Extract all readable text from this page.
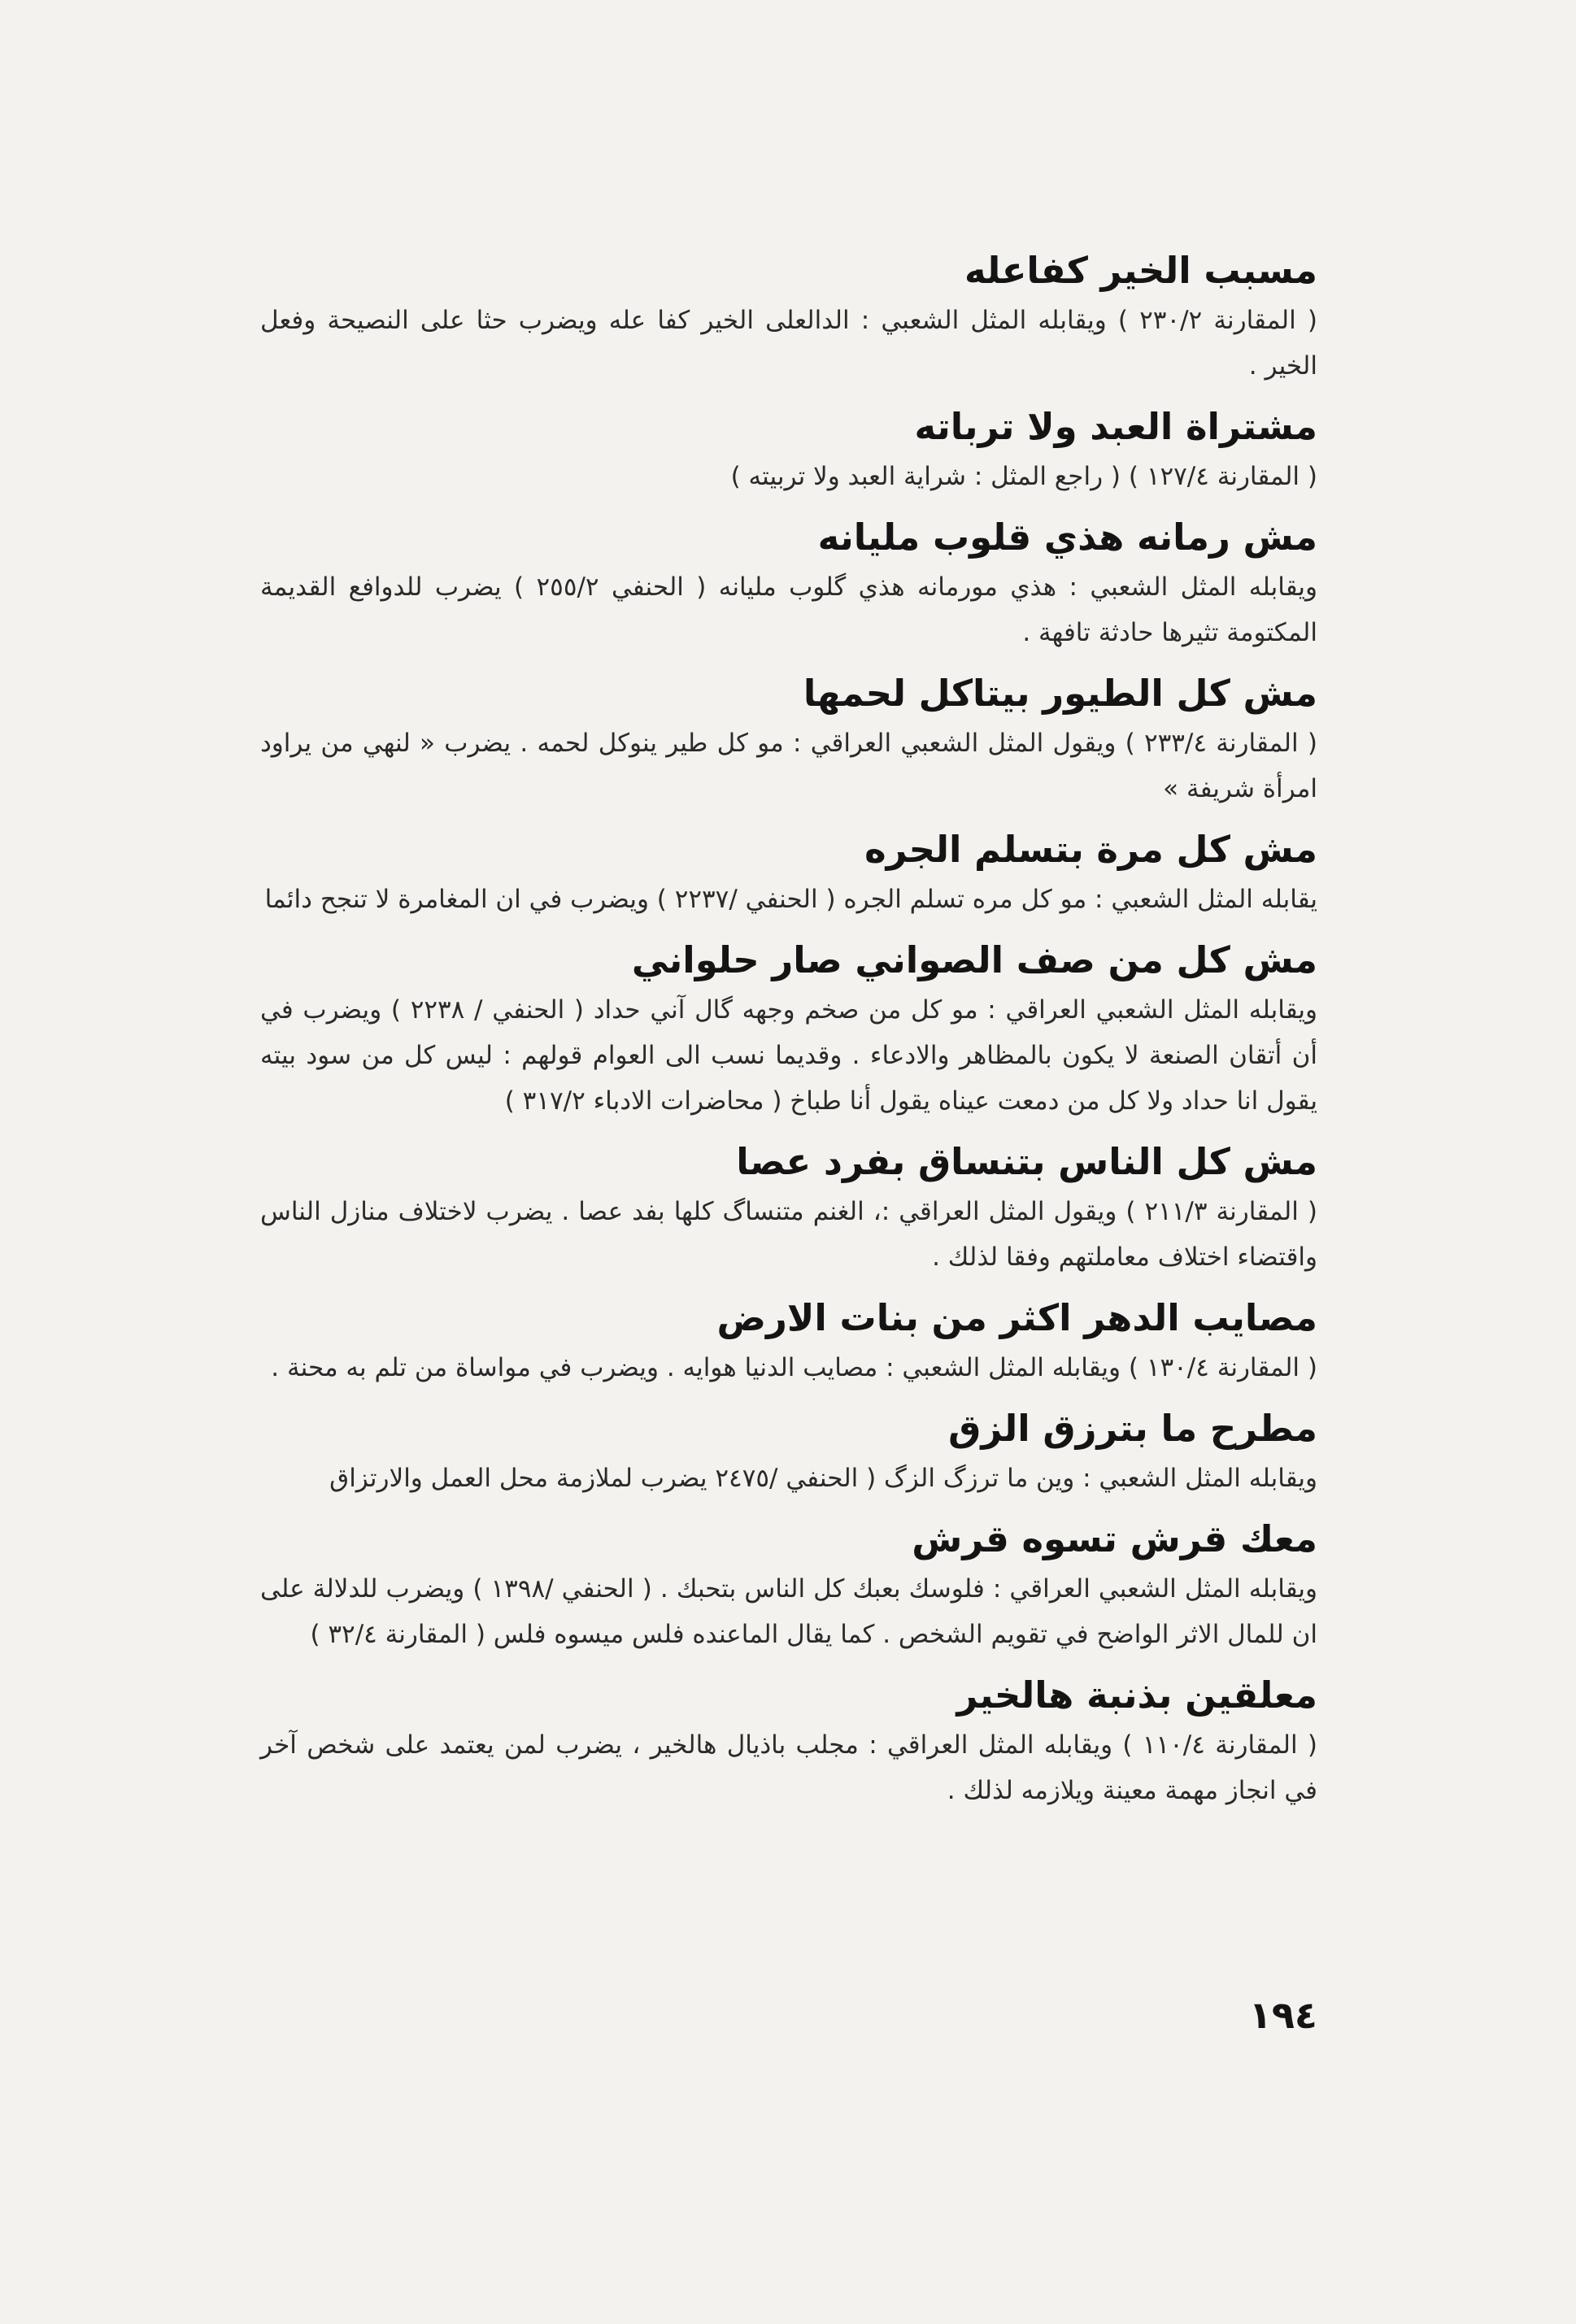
مسبب الخير كفاعله

( المقارنة ٢٣٠/٢ ) ويقابله المثل الشعبي : الدالعلى الخير كفا عله ويضرب حثا على النصيحة وفعل الخير .

مشتراة العبد ولا ترباته

( المقارنة ١٢٧/٤ ) ( راجع المثل : شراية العبد ولا تربيته )

مش رمانه هذي قلوب مليانه

ويقابله المثل الشعبي : هذي مورمانه هذي گلوب مليانه ( الحنفي ٢٥٥/٢ ) يضرب للدوافع القديمة المكتومة تثيرها حادثة تافهة .

مش كل الطيور بيتاكل لحمها

( المقارنة ٢٣٣/٤ ) ويقول المثل الشعبي العراقي : مو كل طير ينوكل لحمه . يضرب « لنهي من يراود امرأة شريفة »

مش كل مرة بتسلم الجره

يقابله المثل الشعبي : مو كل مره تسلم الجره ( الحنفي /٢٢٣٧ ) ويضرب في ان المغامرة لا تنجح دائما

مش كل من صف الصواني صار حلواني

ويقابله المثل الشعبي العراقي : مو كل من صخم وجهه گال آني حداد ( الحنفي / ٢٢٣٨ ) ويضرب في أن أتقان الصنعة لا يكون بالمظاهر والادعاء . وقديما نسب الى العوام قولهم : ليس كل من سود بيته يقول انا حداد ولا كل من دمعت عيناه يقول أنا طباخ ( محاضرات الادباء ٣١٧/٢ )

مش كل الناس بتنساق بفرد عصا

( المقارنة ٢١١/٣ ) ويقول المثل العراقي :، الغنم متنساگ كلها بفد عصا . يضرب لاختلاف منازل الناس واقتضاء اختلاف معاملتهم وفقا لذلك .

مصايب الدهر اكثر من بنات الارض

( المقارنة ١٣٠/٤ ) ويقابله المثل الشعبي : مصايب الدنيا هوايه . ويضرب في مواساة من تلم به محنة .

مطرح ما بترزق الزق

ويقابله المثل الشعبي : وين ما ترزگ الزگ ( الحنفي /٢٤٧٥ يضرب لملازمة محل العمل والارتزاق

معك قرش تسوه قرش

ويقابله المثل الشعبي العراقي : فلوسك بعبك كل الناس بتحبك . ( الحنفي /١٣٩٨ ) ويضرب للدلالة على ان للمال الاثر الواضح في تقويم الشخص . كما يقال الماعنده فلس ميسوه فلس ( المقارنة ٣٢/٤ )

معلقين بذنبة هالخير

( المقارنة ١١٠/٤ ) ويقابله المثل العراقي : مجلب باذيال هالخير ، يضرب لمن يعتمد على شخص آخر في انجاز مهمة معينة ويلازمه لذلك .

١٩٤
